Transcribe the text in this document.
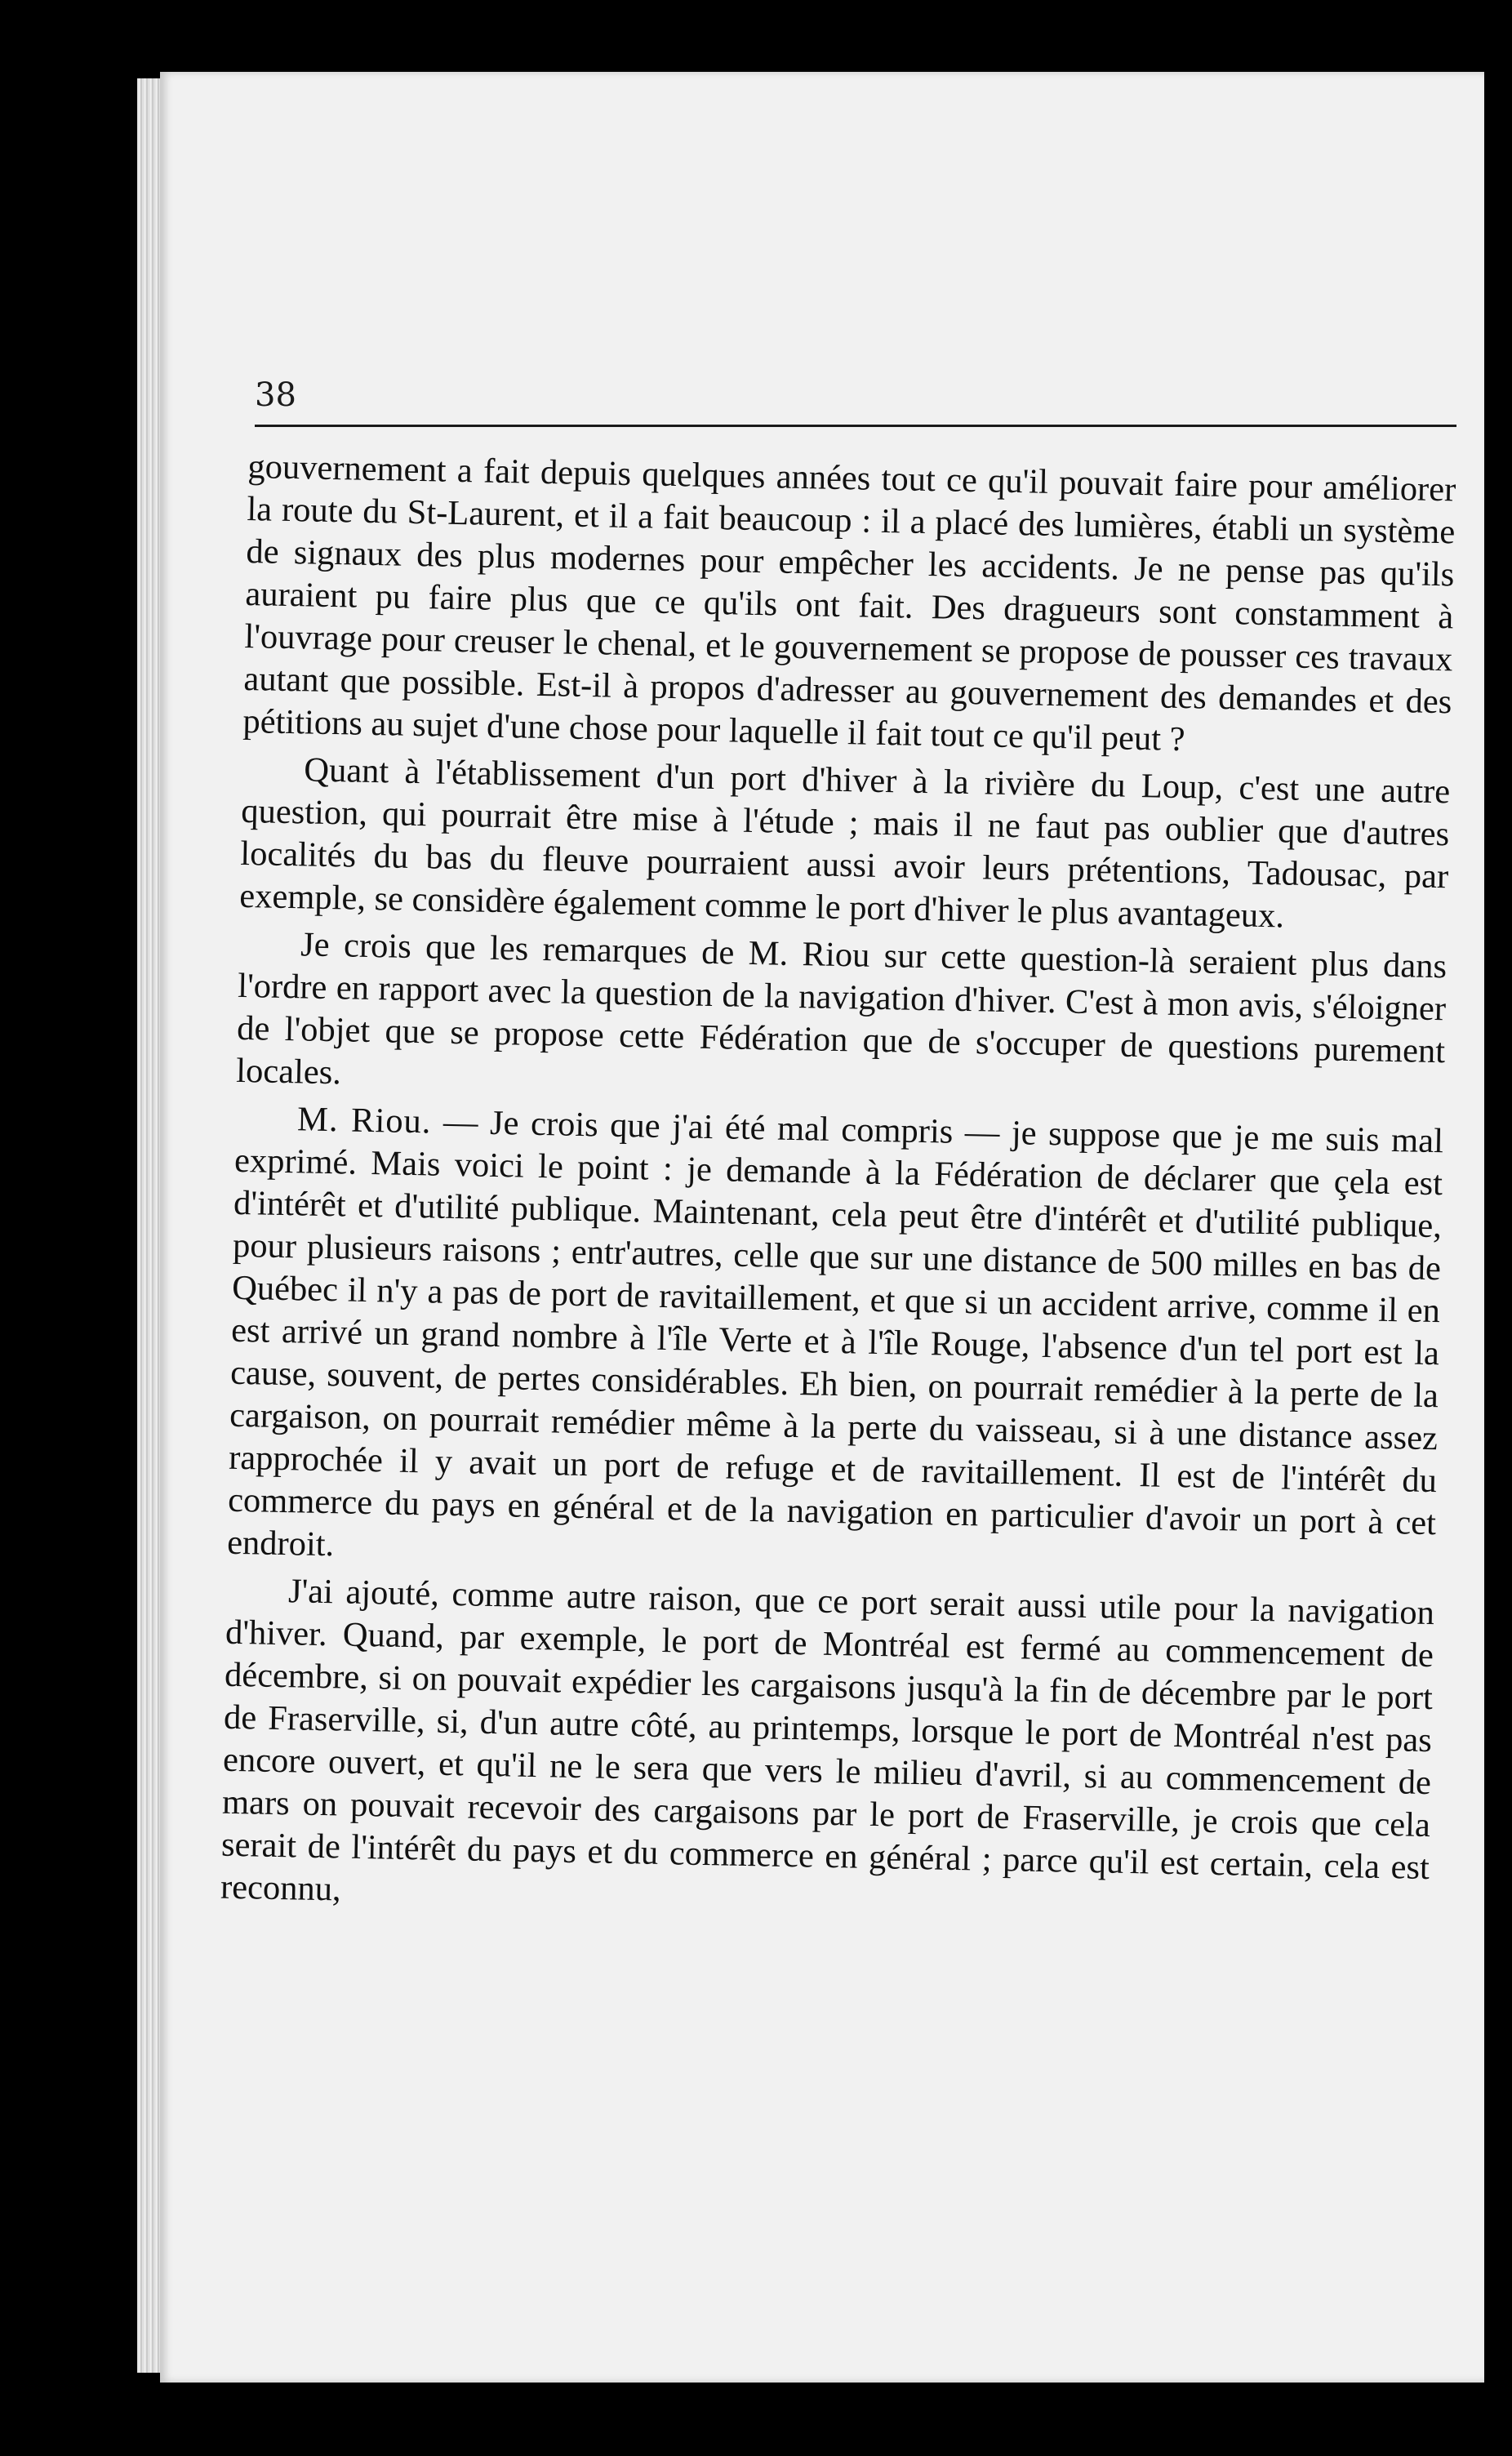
38

gouvernement a fait depuis quelques années tout ce qu'il pouvait faire pour améliorer la route du St-Laurent, et il a fait beaucoup : il a placé des lumières, établi un système de signaux des plus modernes pour empêcher les accidents. Je ne pense pas qu'ils auraient pu faire plus que ce qu'ils ont fait. Des dragueurs sont constamment à l'ouvrage pour creuser le chenal, et le gouvernement se propose de pousser ces travaux autant que possible. Est-il à propos d'adresser au gouvernement des demandes et des pétitions au sujet d'une chose pour laquelle il fait tout ce qu'il peut ?

Quant à l'établissement d'un port d'hiver à la rivière du Loup, c'est une autre question, qui pourrait être mise à l'étude ; mais il ne faut pas oublier que d'autres localités du bas du fleuve pourraient aussi avoir leurs prétentions, Tadousac, par exemple, se considère également comme le port d'hiver le plus avantageux.

Je crois que les remarques de M. Riou sur cette question-là seraient plus dans l'ordre en rapport avec la question de la navigation d'hiver. C'est à mon avis, s'éloigner de l'objet que se propose cette Fédération que de s'occuper de questions purement locales.

M. Riou. — Je crois que j'ai été mal compris — je suppose que je me suis mal exprimé. Mais voici le point : je demande à la Fédération de déclarer que çela est d'intérêt et d'utilité publique. Maintenant, cela peut être d'intérêt et d'utilité publique, pour plusieurs raisons ; entr'autres, celle que sur une distance de 500 milles en bas de Québec il n'y a pas de port de ravitaillement, et que si un accident arrive, comme il en est arrivé un grand nombre à l'île Verte et à l'île Rouge, l'absence d'un tel port est la cause, souvent, de pertes considérables. Eh bien, on pourrait remédier à la perte de la cargaison, on pourrait remédier même à la perte du vaisseau, si à une distance assez rapprochée il y avait un port de refuge et de ravitaillement. Il est de l'intérêt du commerce du pays en général et de la navigation en particulier d'avoir un port à cet endroit.

J'ai ajouté, comme autre raison, que ce port serait aussi utile pour la navigation d'hiver. Quand, par exemple, le port de Montréal est fermé au commencement de décembre, si on pouvait expédier les cargaisons jusqu'à la fin de décembre par le port de Fraserville, si, d'un autre côté, au printemps, lorsque le port de Montréal n'est pas encore ouvert, et qu'il ne le sera que vers le milieu d'avril, si au commencement de mars on pouvait recevoir des cargaisons par le port de Fraserville, je crois que cela serait de l'intérêt du pays et du commerce en général ; parce qu'il est certain, cela est reconnu,
